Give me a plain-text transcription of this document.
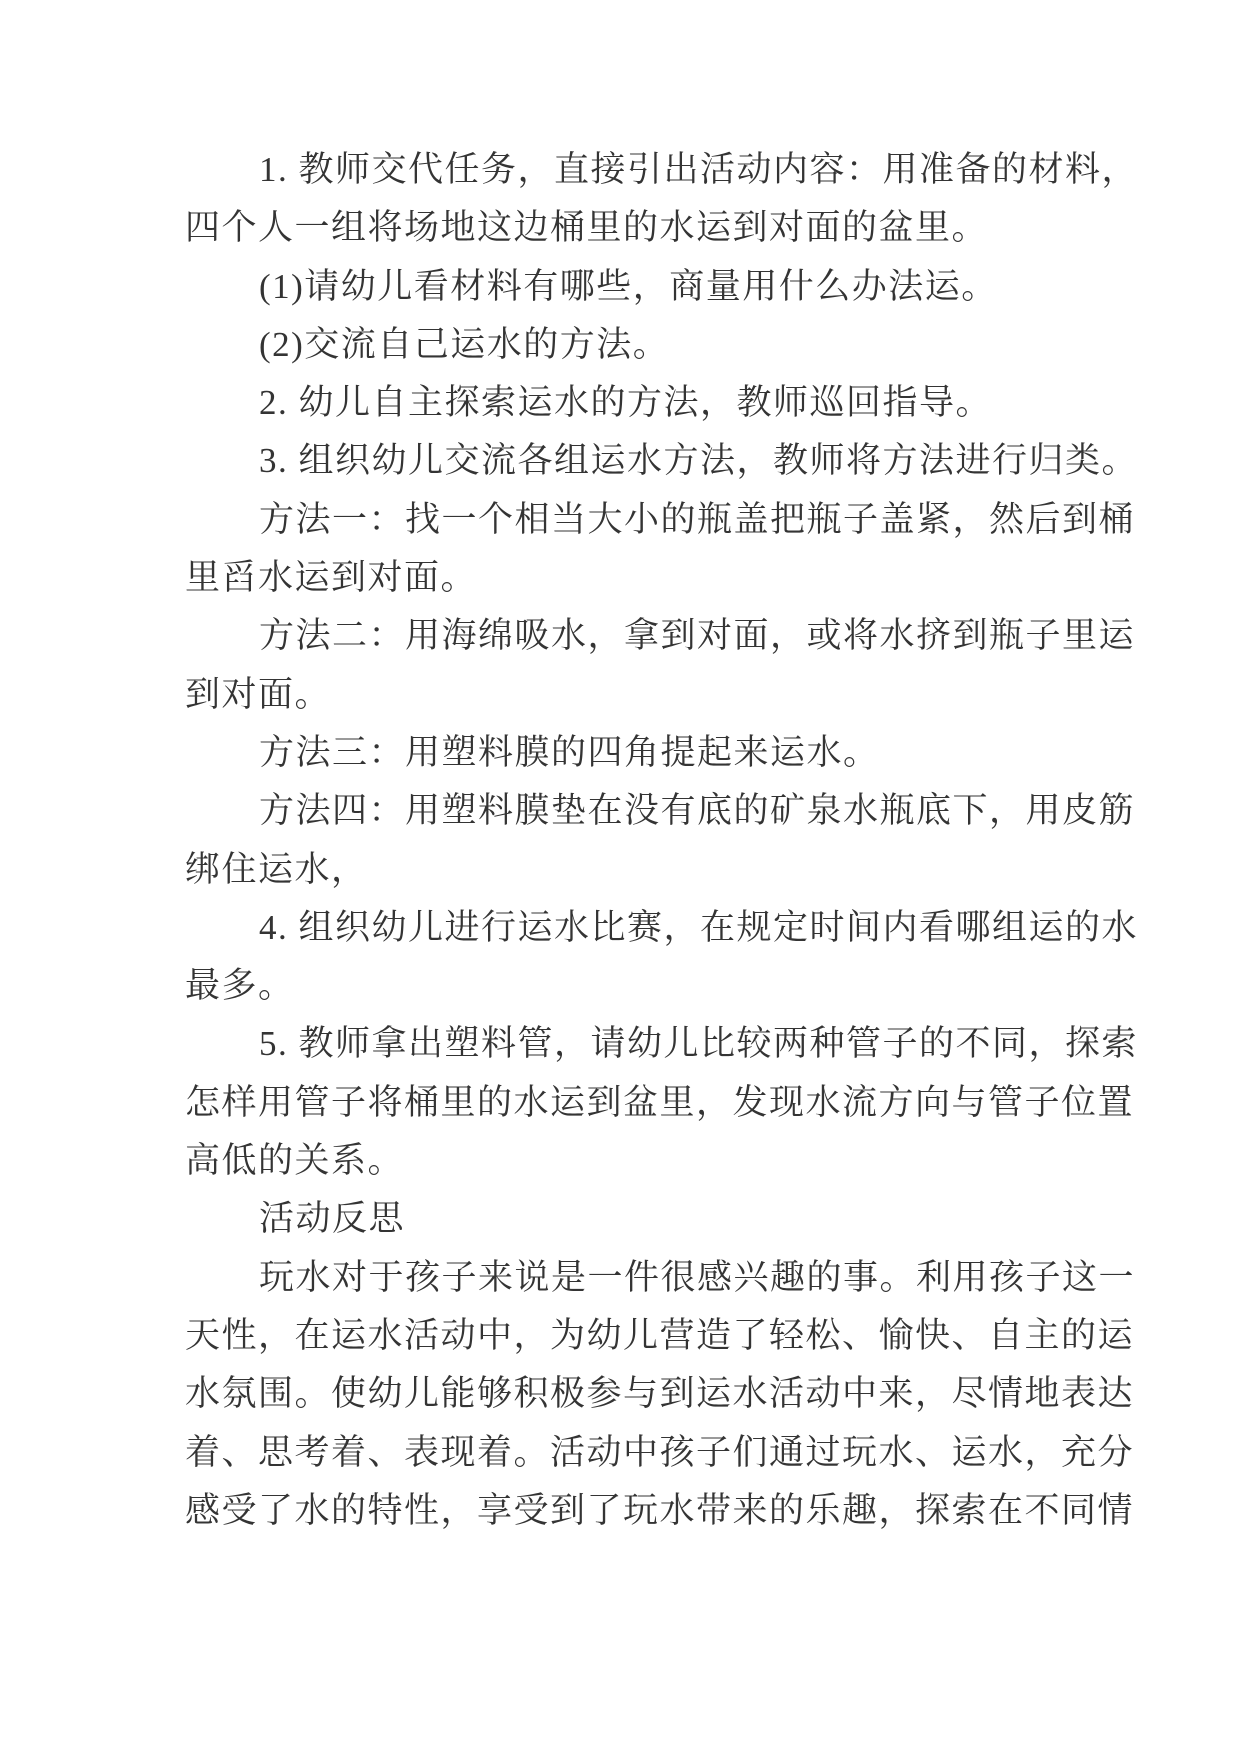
1. 教师交代任务，直接引出活动内容：用准备的材料，
四个人一组将场地这边桶里的水运到对面的盆里。
(1)请幼儿看材料有哪些，商量用什么办法运。
(2)交流自己运水的方法。
2. 幼儿自主探索运水的方法，教师巡回指导。
3. 组织幼儿交流各组运水方法，教师将方法进行归类。
方法一：找一个相当大小的瓶盖把瓶子盖紧，然后到桶
里舀水运到对面。
方法二：用海绵吸水，拿到对面，或将水挤到瓶子里运
到对面。
方法三：用塑料膜的四角提起来运水。
方法四：用塑料膜垫在没有底的矿泉水瓶底下，用皮筋
绑住运水，
4. 组织幼儿进行运水比赛，在规定时间内看哪组运的水
最多。
5. 教师拿出塑料管，请幼儿比较两种管子的不同，探索
怎样用管子将桶里的水运到盆里，发现水流方向与管子位置
高低的关系。
活动反思
玩水对于孩子来说是一件很感兴趣的事。利用孩子这一
天性，在运水活动中，为幼儿营造了轻松、愉快、自主的运
水氛围。使幼儿能够积极参与到运水活动中来，尽情地表达
着、思考着、表现着。活动中孩子们通过玩水、运水，充分
感受了水的特性，享受到了玩水带来的乐趣，探索在不同情
